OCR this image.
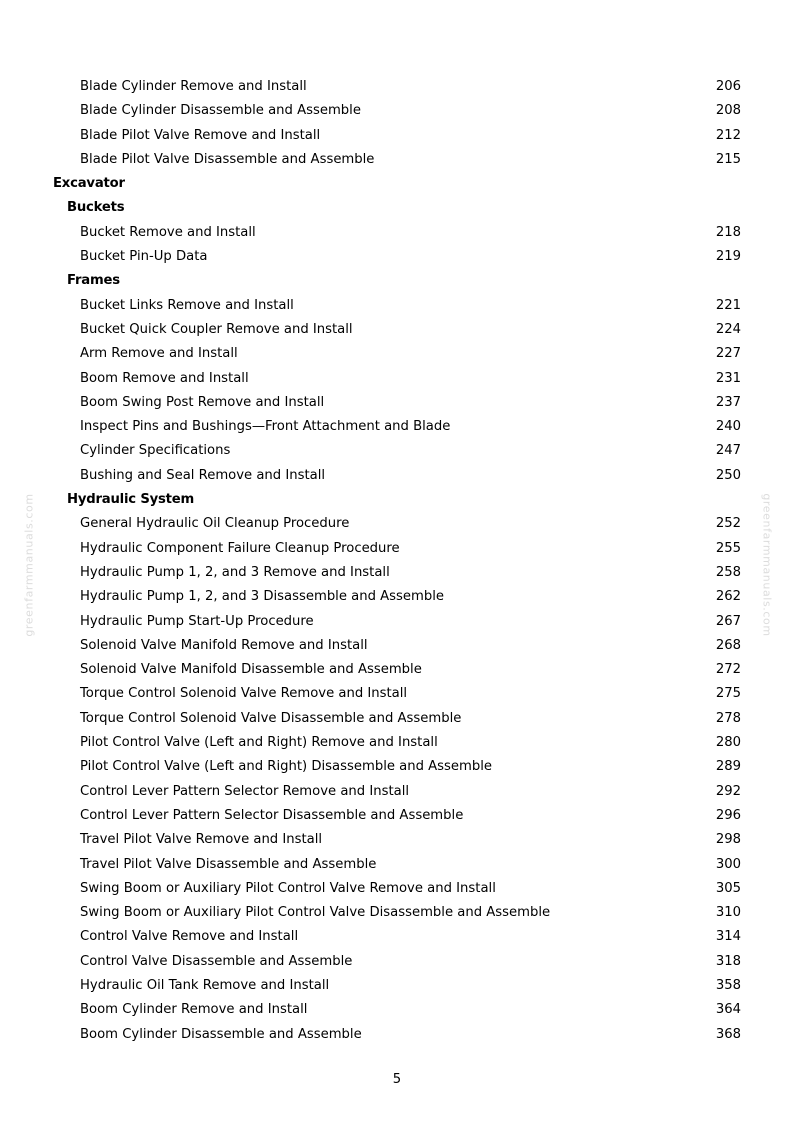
greenfarmmanuals.com	greenfarmmanuals.com
Blade Cylinder Remove and Install	206
Blade Cylinder Disassemble and Assemble	208
Blade Pilot Valve Remove and Install	212
Blade Pilot Valve Disassemble and Assemble	215
Excavator
Buckets
Bucket Remove and Install	218
Bucket Pin-Up Data	219
Frames
Bucket Links Remove and Install	221
Bucket Quick Coupler Remove and Install	224
Arm Remove and Install	227
Boom Remove and Install	231
Boom Swing Post Remove and Install	237
Inspect Pins and Bushings—Front Attachment and Blade	240
Cylinder Specifications	247
Bushing and Seal Remove and Install	250
Hydraulic System
General Hydraulic Oil Cleanup Procedure	252
Hydraulic Component Failure Cleanup Procedure	255
Hydraulic Pump 1, 2, and 3 Remove and Install	258
Hydraulic Pump 1, 2, and 3 Disassemble and Assemble	262
Hydraulic Pump Start-Up Procedure	267
Solenoid Valve Manifold Remove and Install	268
Solenoid Valve Manifold Disassemble and Assemble	272
Torque Control Solenoid Valve Remove and Install	275
Torque Control Solenoid Valve Disassemble and Assemble	278
Pilot Control Valve (Left and Right) Remove and Install	280
Pilot Control Valve (Left and Right) Disassemble and Assemble	289
Control Lever Pattern Selector Remove and Install	292
Control Lever Pattern Selector Disassemble and Assemble	296
Travel Pilot Valve Remove and Install	298
Travel Pilot Valve Disassemble and Assemble	300
Swing Boom or Auxiliary Pilot Control Valve Remove and Install	305
Swing Boom or Auxiliary Pilot Control Valve Disassemble and Assemble	310
Control Valve Remove and Install	314
Control Valve Disassemble and Assemble	318
Hydraulic Oil Tank Remove and Install	358
Boom Cylinder Remove and Install	364
Boom Cylinder Disassemble and Assemble	368
5
